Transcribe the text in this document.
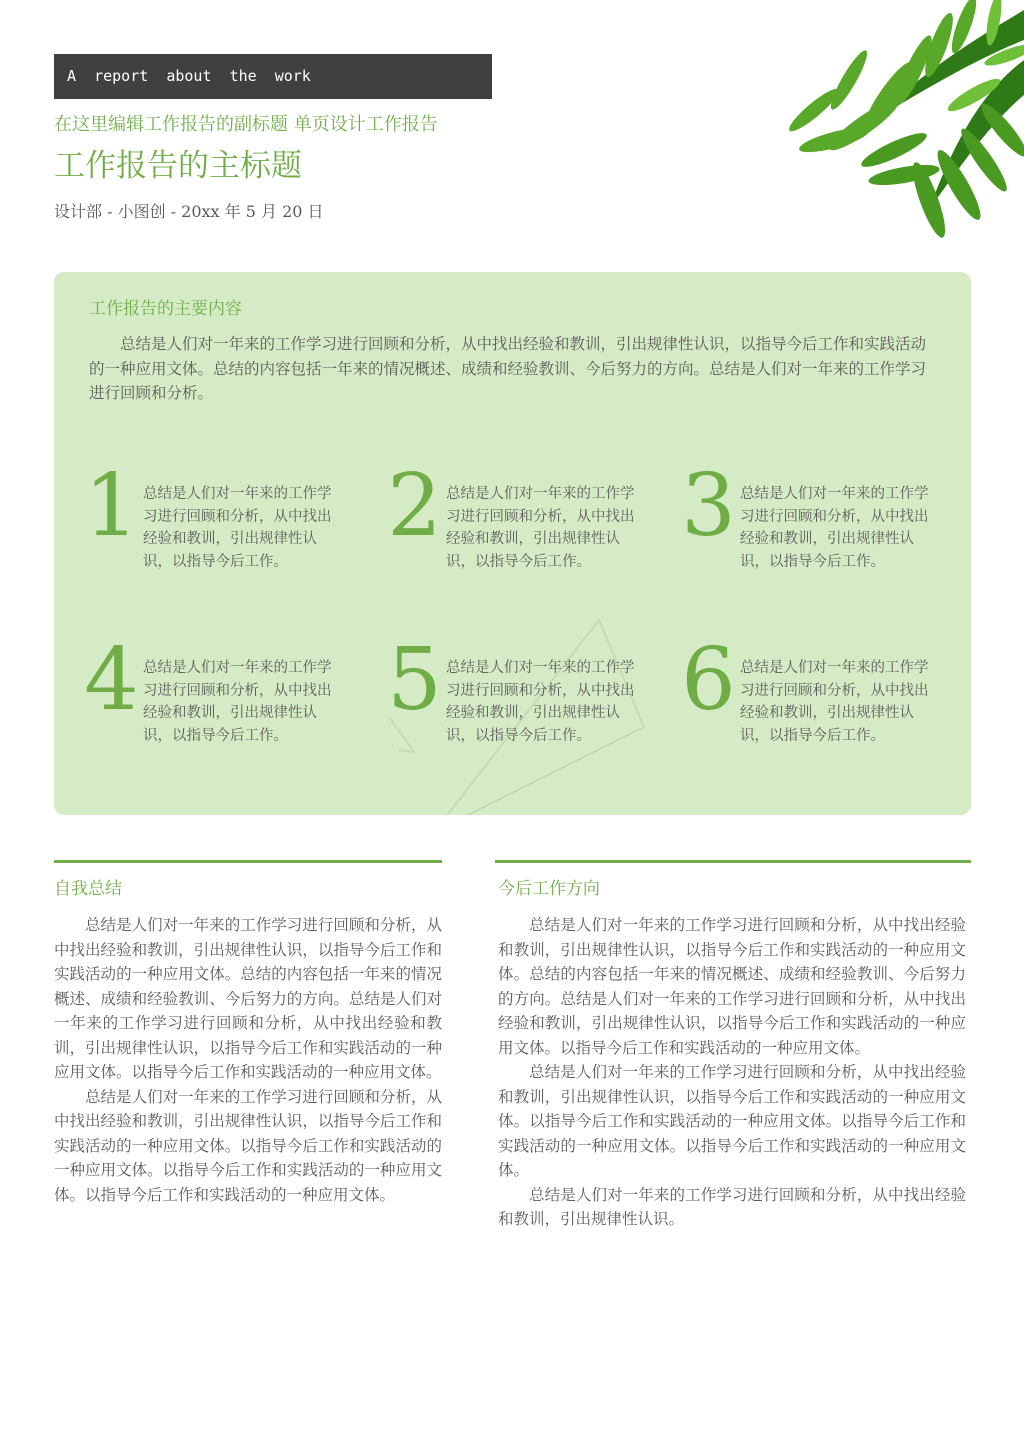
A  report  about  the  work
在这里编辑工作报告的副标题 单页设计工作报告
工作报告的主标题
设计部 - 小图创 - 20xx 年 5 月 20 日
工作报告的主要内容

总结是人们对一年来的工作学习进行回顾和分析，从中找出经验和教训，引出规律性认识，以指导今后工作和实践活动的一种应用文体。总结的内容包括一年来的情况概述、成绩和经验教训、今后努力的方向。总结是人们对一年来的工作学习进行回顾和分析。

1 总结是人们对一年来的工作学习进行回顾和分析，从中找出经验和教训，引出规律性认识，以指导今后工作。
2 总结是人们对一年来的工作学习进行回顾和分析，从中找出经验和教训，引出规律性认识，以指导今后工作。
3 总结是人们对一年来的工作学习进行回顾和分析，从中找出经验和教训，引出规律性认识，以指导今后工作。
4 总结是人们对一年来的工作学习进行回顾和分析，从中找出经验和教训，引出规律性认识，以指导今后工作。
5 总结是人们对一年来的工作学习进行回顾和分析，从中找出经验和教训，引出规律性认识，以指导今后工作。
6 总结是人们对一年来的工作学习进行回顾和分析，从中找出经验和教训，引出规律性认识，以指导今后工作。
自我总结

总结是人们对一年来的工作学习进行回顾和分析，从中找出经验和教训，引出规律性认识，以指导今后工作和实践活动的一种应用文体。总结的内容包括一年来的情况概述、成绩和经验教训、今后努力的方向。总结是人们对一年来的工作学习进行回顾和分析，从中找出经验和教训，引出规律性认识，以指导今后工作和实践活动的一种应用文体。以指导今后工作和实践活动的一种应用文体。

总结是人们对一年来的工作学习进行回顾和分析，从中找出经验和教训，引出规律性认识，以指导今后工作和实践活动的一种应用文体。以指导今后工作和实践活动的一种应用文体。以指导今后工作和实践活动的一种应用文体。以指导今后工作和实践活动的一种应用文体。

今后工作方向

总结是人们对一年来的工作学习进行回顾和分析，从中找出经验和教训，引出规律性认识，以指导今后工作和实践活动的一种应用文体。总结的内容包括一年来的情况概述、成绩和经验教训、今后努力的方向。总结是人们对一年来的工作学习进行回顾和分析，从中找出经验和教训，引出规律性认识，以指导今后工作和实践活动的一种应用文体。以指导今后工作和实践活动的一种应用文体。

总结是人们对一年来的工作学习进行回顾和分析，从中找出经验和教训，引出规律性认识，以指导今后工作和实践活动的一种应用文体。以指导今后工作和实践活动的一种应用文体。以指导今后工作和实践活动的一种应用文体。以指导今后工作和实践活动的一种应用文体。

总结是人们对一年来的工作学习进行回顾和分析，从中找出经验和教训，引出规律性认识。
